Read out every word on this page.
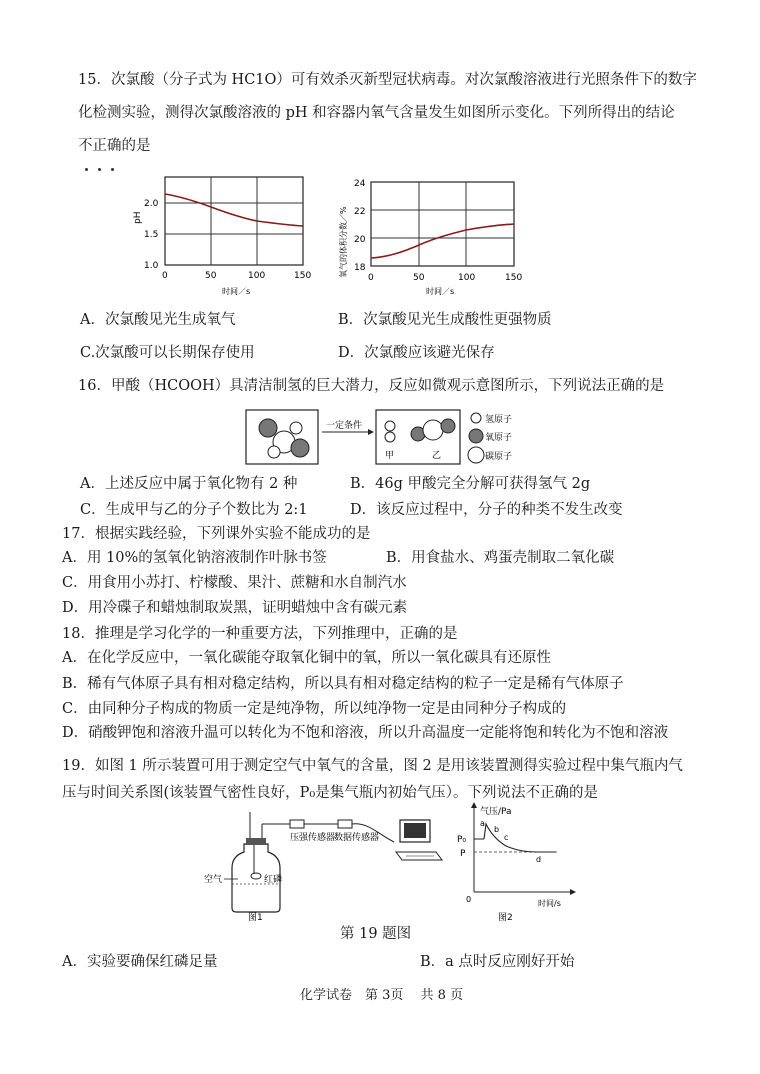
15．次氯酸（分子式为 HC1O）可有效杀灭新型冠状病毒。对次氯酸溶液进行光照条件下的数字
化检测实验，测得次氯酸溶液的 pH 和容器内氧气含量发生如图所示变化。下列所得出的结论
不正确的是
pH
2.0
1.5
1.0
0	50	100	150
时间／s
氧气的体积分数／%
24
22
20
18
0	50	100	150
时间／s
A．次氯酸见光生成氧气	B．次氯酸见光生成酸性更强物质
C.次氯酸可以长期保存使用	D．次氯酸应该避光保存
16．甲酸（HCOOH）具清洁制氢的巨大潜力，反应如微观示意图所示，下列说法正确的是
一定条件
甲	乙
氢原子
氧原子
碳原子
A．上述反应中属于氧化物有 2 种	B．46g 甲酸完全分解可获得氢气 2g
C．生成甲与乙的分子个数比为 2:1	D．该反应过程中，分子的种类不发生改变
17．根据实践经验，下列课外实验不能成功的是
A．用 10%的氢氧化钠溶液制作叶脉书签	B．用食盐水、鸡蛋壳制取二氧化碳
C．用食用小苏打、柠檬酸、果汁、蔗糖和水自制汽水
D．用冷碟子和蜡烛制取炭黑，证明蜡烛中含有碳元素
18．推理是学习化学的一种重要方法，下列推理中，正确的是
A．在化学反应中，一氧化碳能夺取氧化铜中的氧，所以一氧化碳具有还原性
B．稀有气体原子具有相对稳定结构，所以具有相对稳定结构的粒子一定是稀有气体原子
C．由同种分子构成的物质一定是纯净物，所以纯净物一定是由同种分子构成的
D．硝酸钾饱和溶液升温可以转化为不饱和溶液，所以升高温度一定能将饱和转化为不饱和溶液
19．如图 1 所示装置可用于测定空气中氧气的含量，图 2 是用该装置测得实验过程中集气瓶内气
压与时间关系图(该装置气密性良好，P₀是集气瓶内初始气压）。下列说法不正确的是
压强传感器
数据传感器
空气	红磷
图1
气压/Pa
P₀
P
a
b
c
d
0	时间/s
图2
第 19 题图
A．实验要确保红磷足量	B．a 点时反应刚好开始
化学试卷　第 3页　 共 8 页
